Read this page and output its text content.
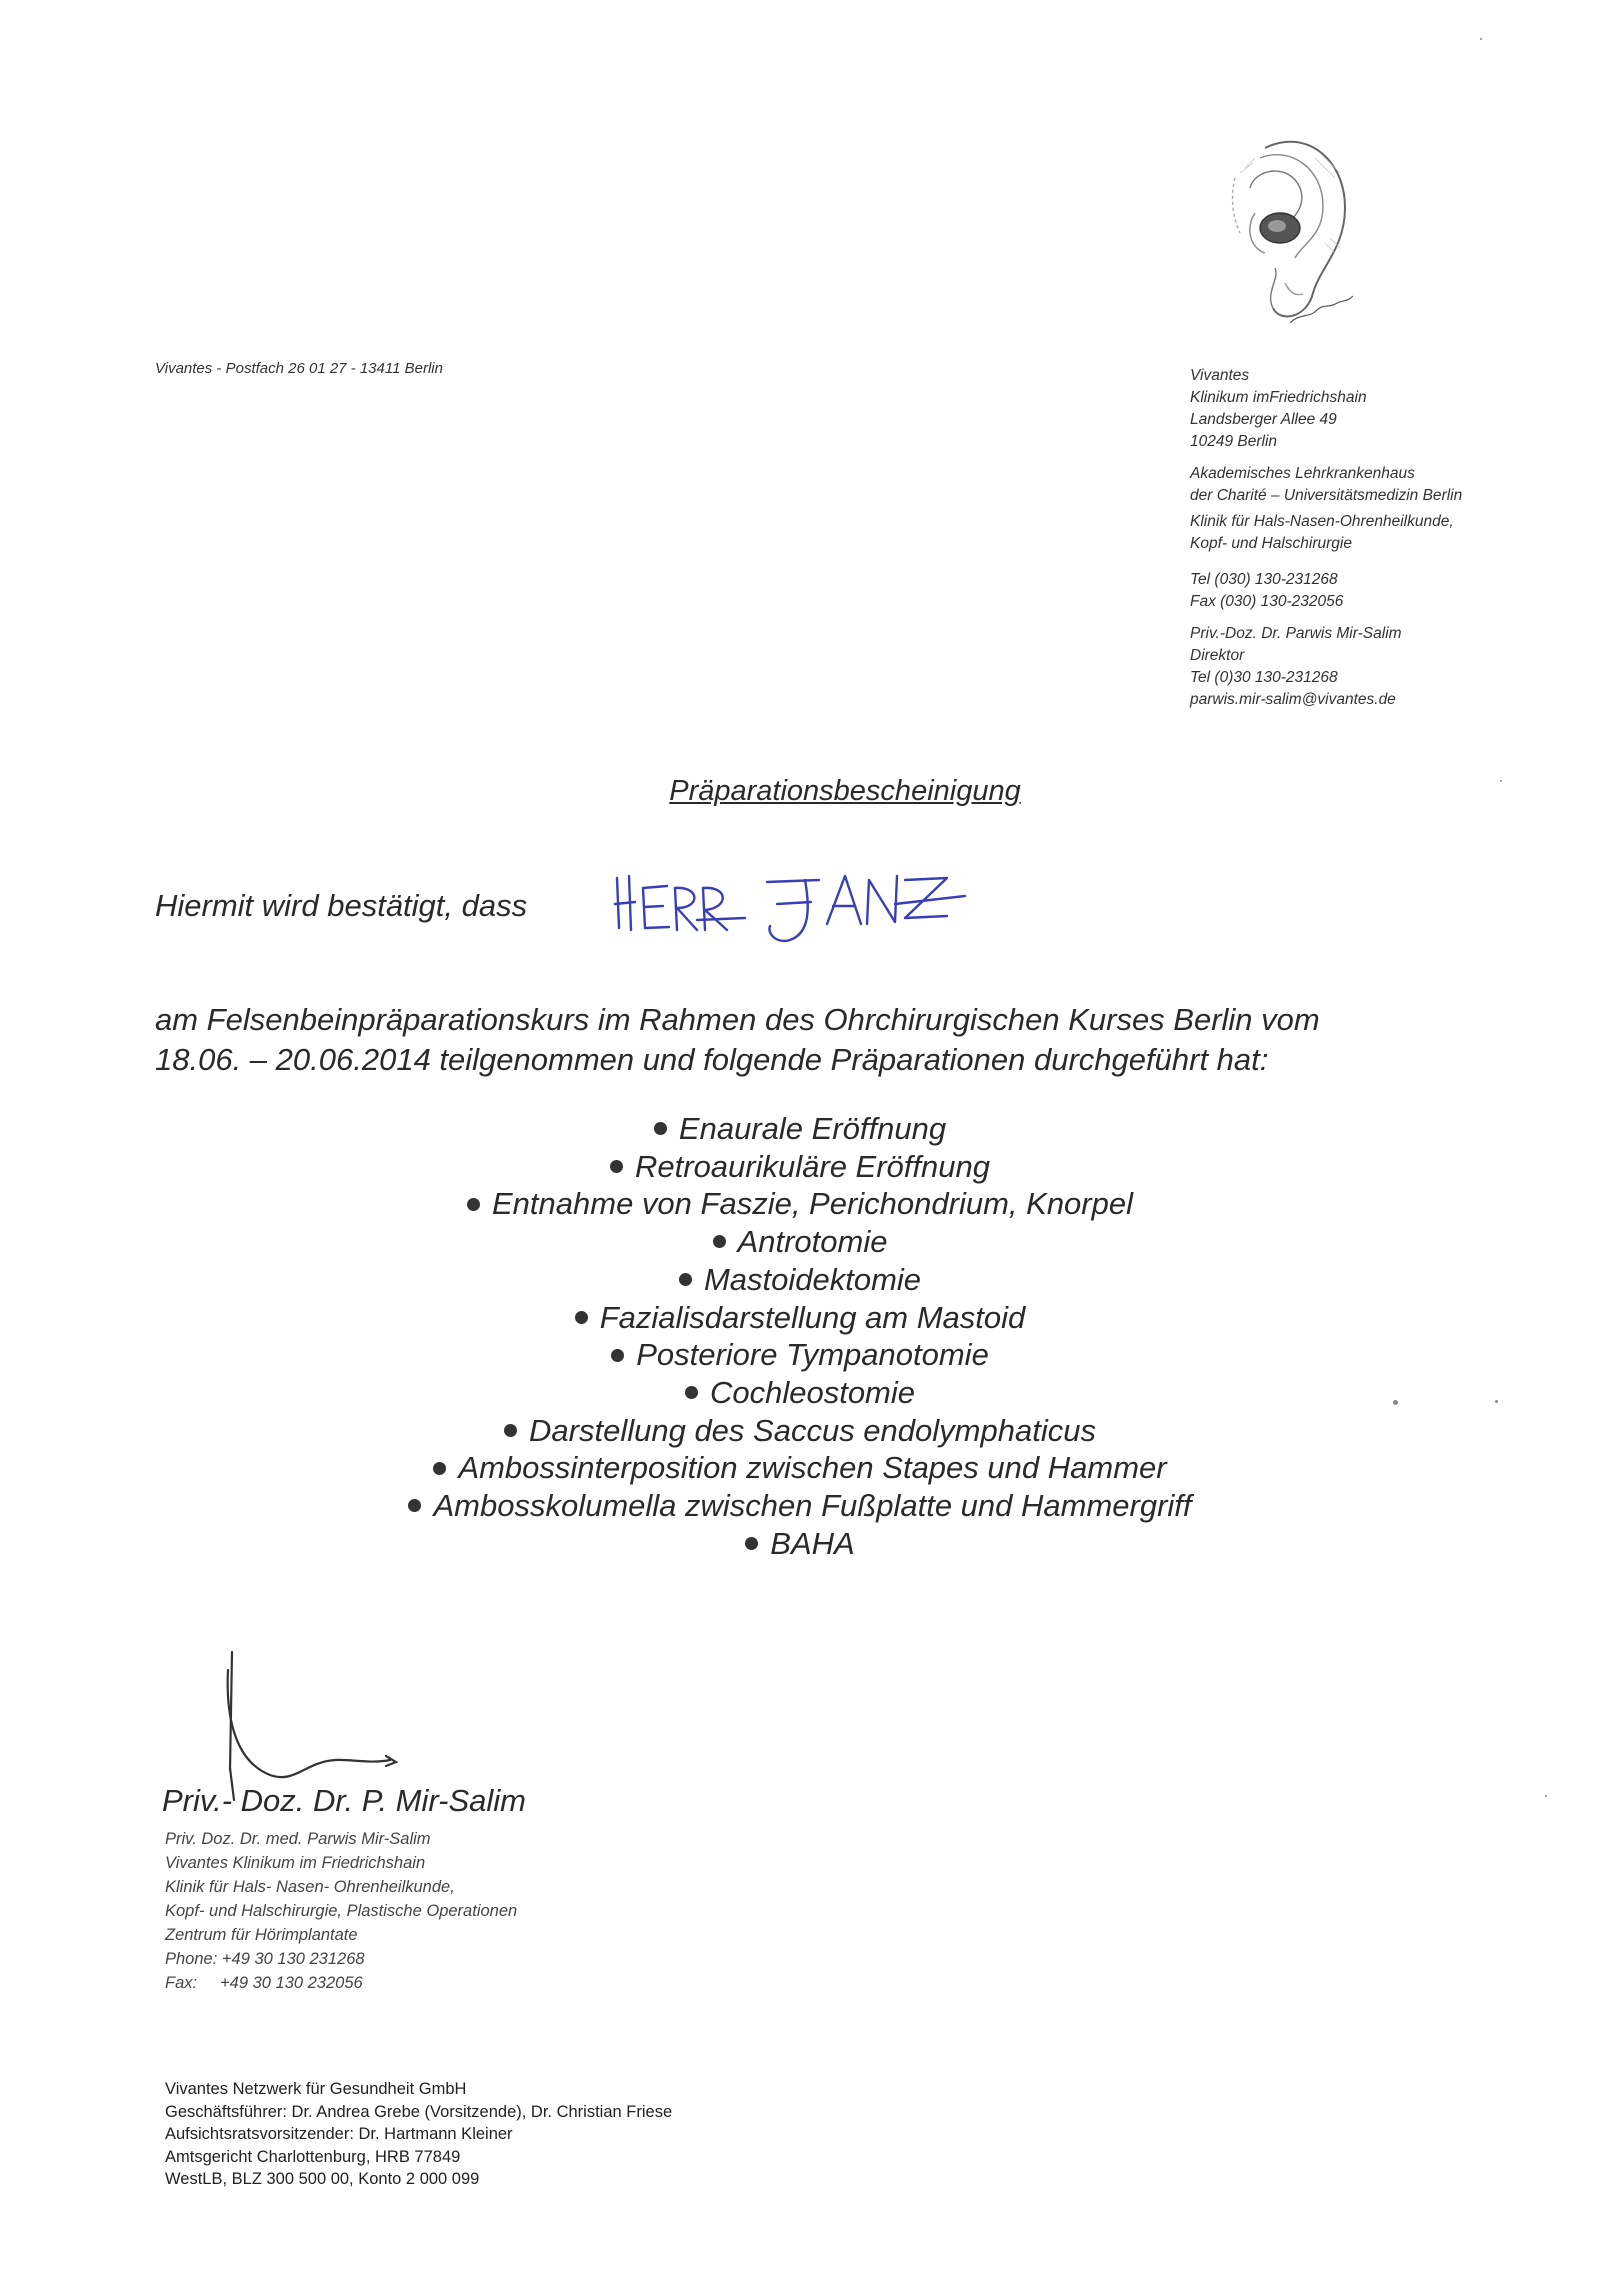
Vivantes - Postfach 26 01 27 - 13411 Berlin	Vivantes
Klinikum imFriedrichshain
Landsberger Allee 49
10249 Berlin
Akademisches Lehrkrankenhaus
der Charité – Universitätsmedizin Berlin
Klinik für Hals-Nasen-Ohrenheilkunde,
Kopf- und Halschirurgie
Tel (030) 130-231268
Fax (030) 130-232056
Priv.-Doz. Dr. Parwis Mir-Salim
Direktor
Tel (0)30 130-231268
parwis.mir-salim@vivantes.de
Präparationsbescheinigung
Hiermit wird bestätigt, dass
am Felsenbeinpräparationskurs im Rahmen des Ohrchirurgischen Kurses Berlin vom
18.06. – 20.06.2014 teilgenommen und folgende Präparationen durchgeführt hat:
Enaurale Eröffnung
Retroaurikuläre Eröffnung
Entnahme von Faszie, Perichondrium, Knorpel
Antrotomie
Mastoidektomie
Fazialisdarstellung am Mastoid
Posteriore Tympanotomie
Cochleostomie
Darstellung des Saccus endolymphaticus
Ambossinterposition zwischen Stapes und Hammer
Ambosskolumella zwischen Fußplatte und Hammergriff
BAHA
Priv.- Doz. Dr. P. Mir-Salim
Priv. Doz. Dr. med. Parwis Mir-Salim
Vivantes Klinikum im Friedrichshain
Klinik für Hals- Nasen- Ohrenheilkunde,
Kopf- und Halschirurgie, Plastische Operationen
Zentrum für Hörimplantate
Phone: +49 30 130 231268
Fax:     +49 30 130 232056
Vivantes Netzwerk für Gesundheit GmbH
Geschäftsführer: Dr. Andrea Grebe (Vorsitzende), Dr. Christian Friese
Aufsichtsratsvorsitzender: Dr. Hartmann Kleiner
Amtsgericht Charlottenburg, HRB 77849
WestLB, BLZ 300 500 00, Konto 2 000 099
